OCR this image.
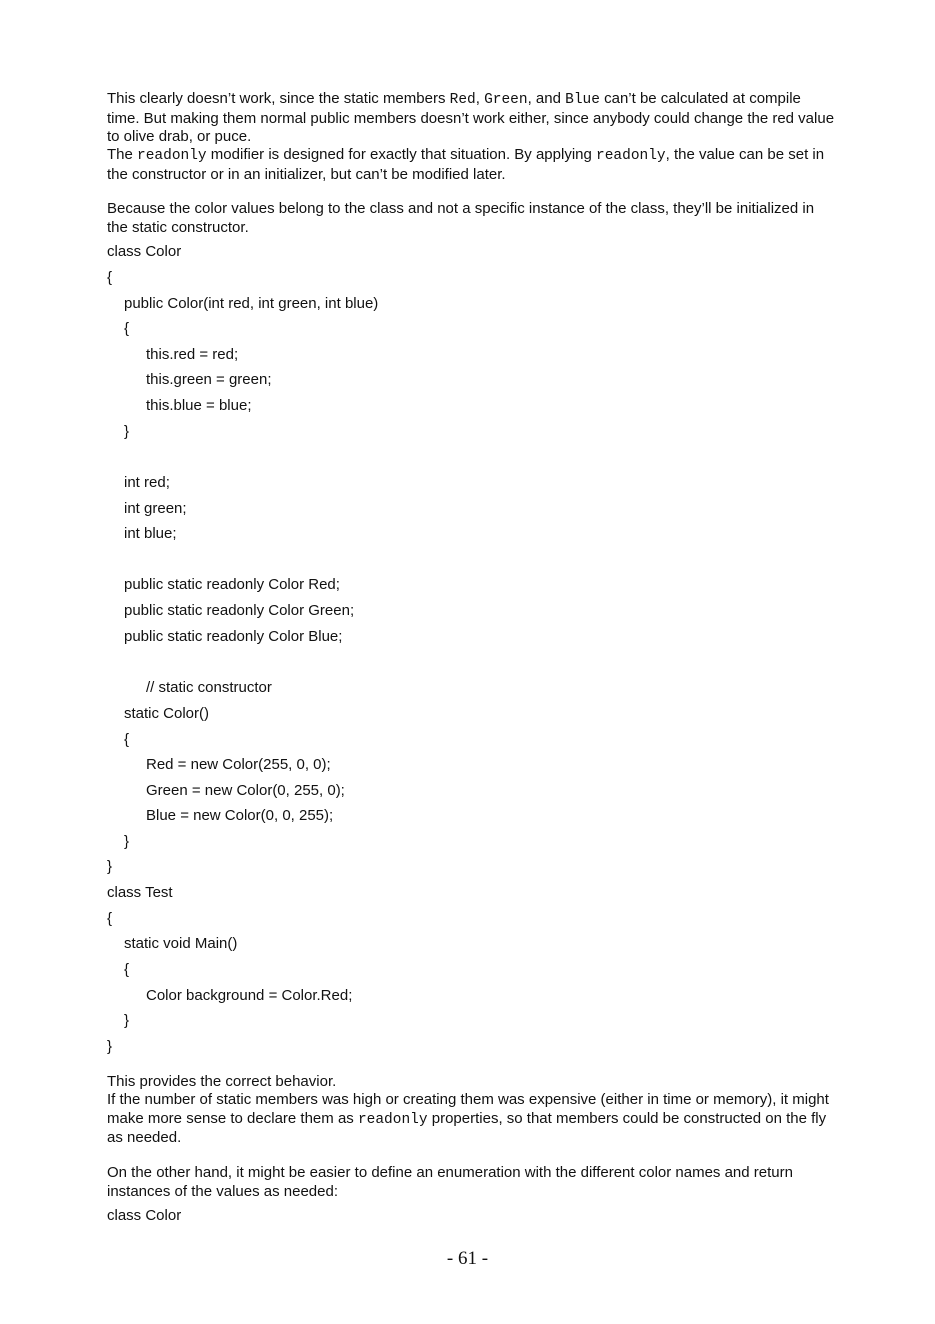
This clearly doesn’t work, since the static members Red, Green, and Blue can’t be calculated at compile time. But making them normal public members doesn’t work either, since anybody could change the red value to olive drab, or puce.
The readonly modifier is designed for exactly that situation. By applying readonly, the value can be set in the constructor or in an initializer, but can’t be modified later.
Because the color values belong to the class and not a specific instance of the class, they’ll be initialized in the static constructor.
class Color
{
public Color(int red, int green, int blue)
{
this.red = red;
this.green = green;
this.blue = blue;
}
int red;
int green;
int blue;
public static readonly Color Red;
public static readonly Color Green;
public static readonly Color Blue;
// static constructor
static Color()
{
Red = new Color(255, 0, 0);
Green = new Color(0, 255, 0);
Blue = new Color(0, 0, 255);
}
}
class Test
{
static void Main()
{
Color background = Color.Red;
}
}
This provides the correct behavior.
If the number of static members was high or creating them was expensive (either in time or memory), it might make more sense to declare them as readonly properties, so that members could be constructed on the fly as needed.
On the other hand, it might be easier to define an enumeration with the different color names and return instances of the values as needed:
class Color
- 61 -
